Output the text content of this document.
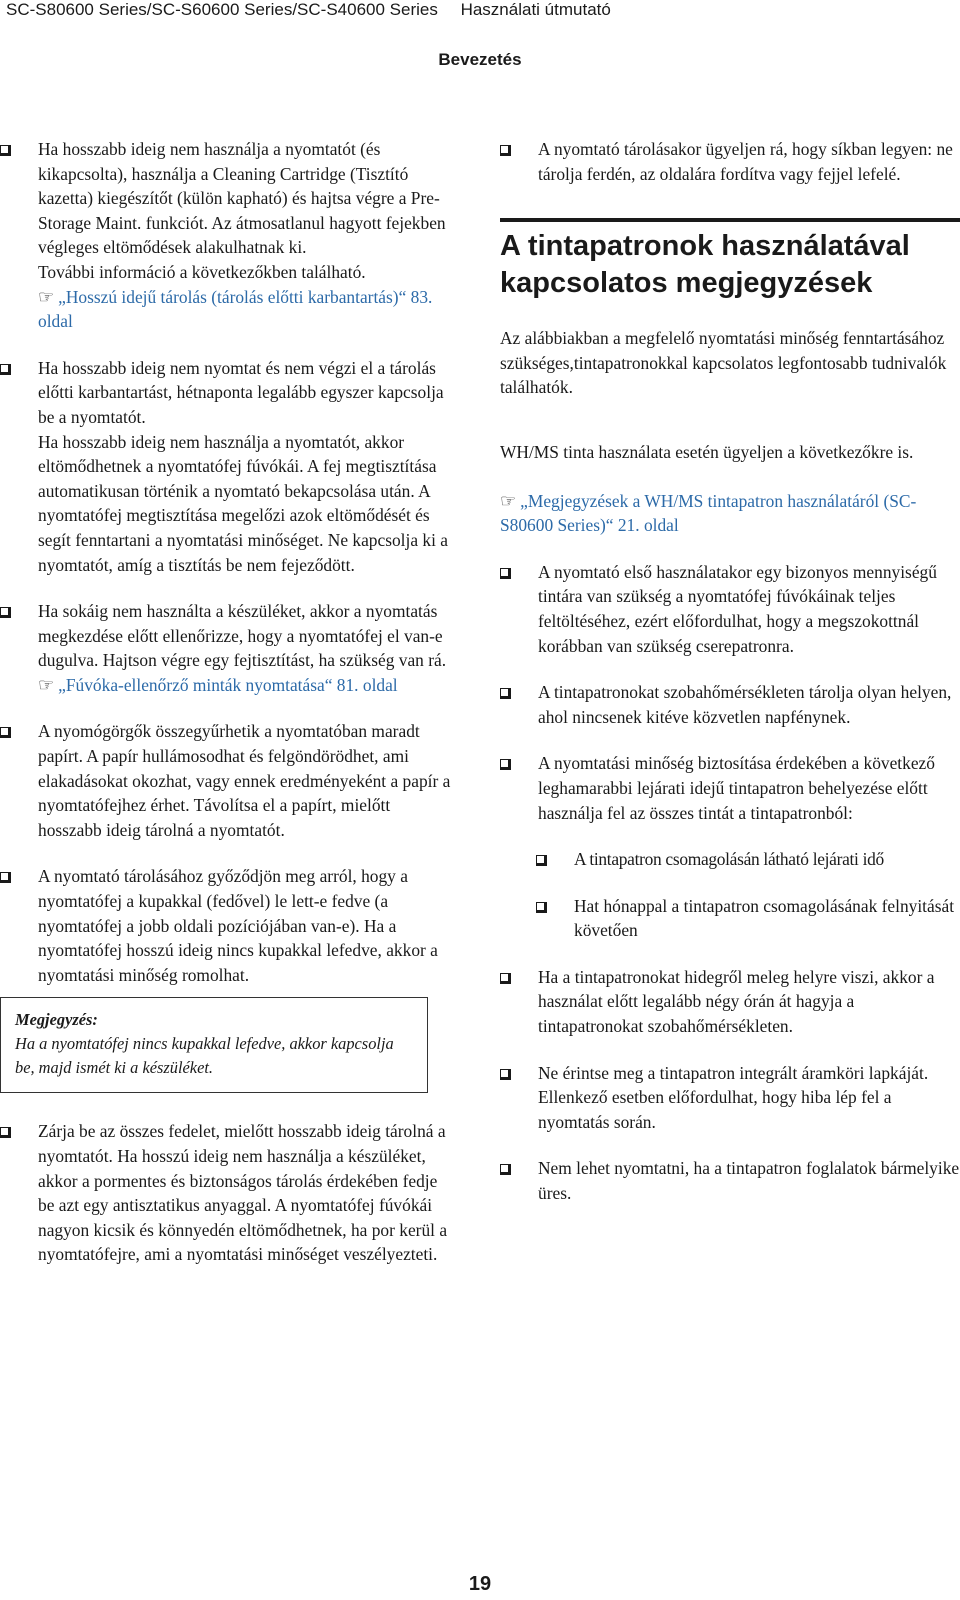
SC-S80600 Series/SC-S60600 Series/SC-S40600 Series Használati útmutató
Bevezetés

Ha hosszabb ideig nem használja a nyomtatót (és kikapcsolta), használja a Cleaning Cartridge (Tisztító kazetta) kiegészítőt (külön kapható) és hajtsa végre a Pre-Storage Maint. funkciót. Az átmosatlanul hagyott fejekben végleges eltömődések alakulhatnak ki.

További információ a következőkben található.

☞ „Hosszú idejű tárolás (tárolás előtti karbantartás)“ 83. oldal

Ha hosszabb ideig nem nyomtat és nem végzi el a tárolás előtti karbantartást, hétnaponta legalább egyszer kapcsolja be a nyomtatót.

Ha hosszabb ideig nem használja a nyomtatót, akkor eltömődhetnek a nyomtatófej fúvókái. A fej megtisztítása automatikusan történik a nyomtató bekapcsolása után. A nyomtatófej megtisztítása megelőzi azok eltömődését és segít fenntartani a nyomtatási minőséget. Ne kapcsolja ki a nyomtatót, amíg a tisztítás be nem fejeződött.

Ha sokáig nem használta a készüléket, akkor a nyomtatás megkezdése előtt ellenőrizze, hogy a nyomtatófej el van-e dugulva. Hajtson végre egy fejtisztítást, ha szükség van rá.

☞ „Fúvóka-ellenőrző minták nyomtatása“ 81. oldal

A nyomógörgők összegyűrhetik a nyomtatóban maradt papírt. A papír hullámosodhat és felgöndörödhet, ami elakadásokat okozhat, vagy ennek eredményeként a papír a nyomtatófejhez érhet. Távolítsa el a papírt, mielőtt hosszabb ideig tárolná a nyomtatót.

A nyomtató tárolásához győződjön meg arról, hogy a nyomtatófej a kupakkal (fedővel) le lett-e fedve (a nyomtatófej a jobb oldali pozíciójában van-e). Ha a nyomtatófej hosszú ideig nincs kupakkal lefedve, akkor a nyomtatási minőség romolhat.

Megjegyzés:

Ha a nyomtatófej nincs kupakkal lefedve, akkor kapcsolja be, majd ismét ki a készüléket.

Zárja be az összes fedelet, mielőtt hosszabb ideig tárolná a nyomtatót. Ha hosszú ideig nem használja a készüléket, akkor a pormentes és biztonságos tárolás érdekében fedje be azt egy antisztatikus anyaggal. A nyomtatófej fúvókái nagyon kicsik és könnyedén eltömődhetnek, ha por kerül a nyomtatófejre, ami a nyomtatási minőséget veszélyezteti.

A nyomtató tárolásakor ügyeljen rá, hogy síkban legyen: ne tárolja ferdén, az oldalára fordítva vagy fejjel lefelé.

A tintapatronok használatával kapcsolatos megjegyzések

Az alábbiakban a megfelelő nyomtatási minőség fenntartásához szükséges,tintapatronokkal kapcsolatos legfontosabb tudnivalók találhatók.

WH/MS tinta használata esetén ügyeljen a következőkre is.

☞ „Megjegyzések a WH/MS tintapatron használatáról (SC-S80600 Series)“ 21. oldal

A nyomtató első használatakor egy bizonyos mennyiségű tintára van szükség a nyomtatófej fúvókáinak teljes feltöltéséhez, ezért előfordulhat, hogy a megszokottnál korábban van szükség cserepatronra.

A tintapatronokat szobahőmérsékleten tárolja olyan helyen, ahol nincsenek kitéve közvetlen napfénynek.

A nyomtatási minőség biztosítása érdekében a következő leghamarabbi lejárati idejű tintapatron behelyezése előtt használja fel az összes tintát a tintapatronból:

A tintapatron csomagolásán látható lejárati idő

Hat hónappal a tintapatron csomagolásának felnyitását követően

Ha a tintapatronokat hidegről meleg helyre viszi, akkor a használat előtt legalább négy órán át hagyja a tintapatronokat szobahőmérsékleten.

Ne érintse meg a tintapatron integrált áramköri lapkáját. Ellenkező esetben előfordulhat, hogy hiba lép fel a nyomtatás során.

Nem lehet nyomtatni, ha a tintapatron foglalatok bármelyike üres.

19
